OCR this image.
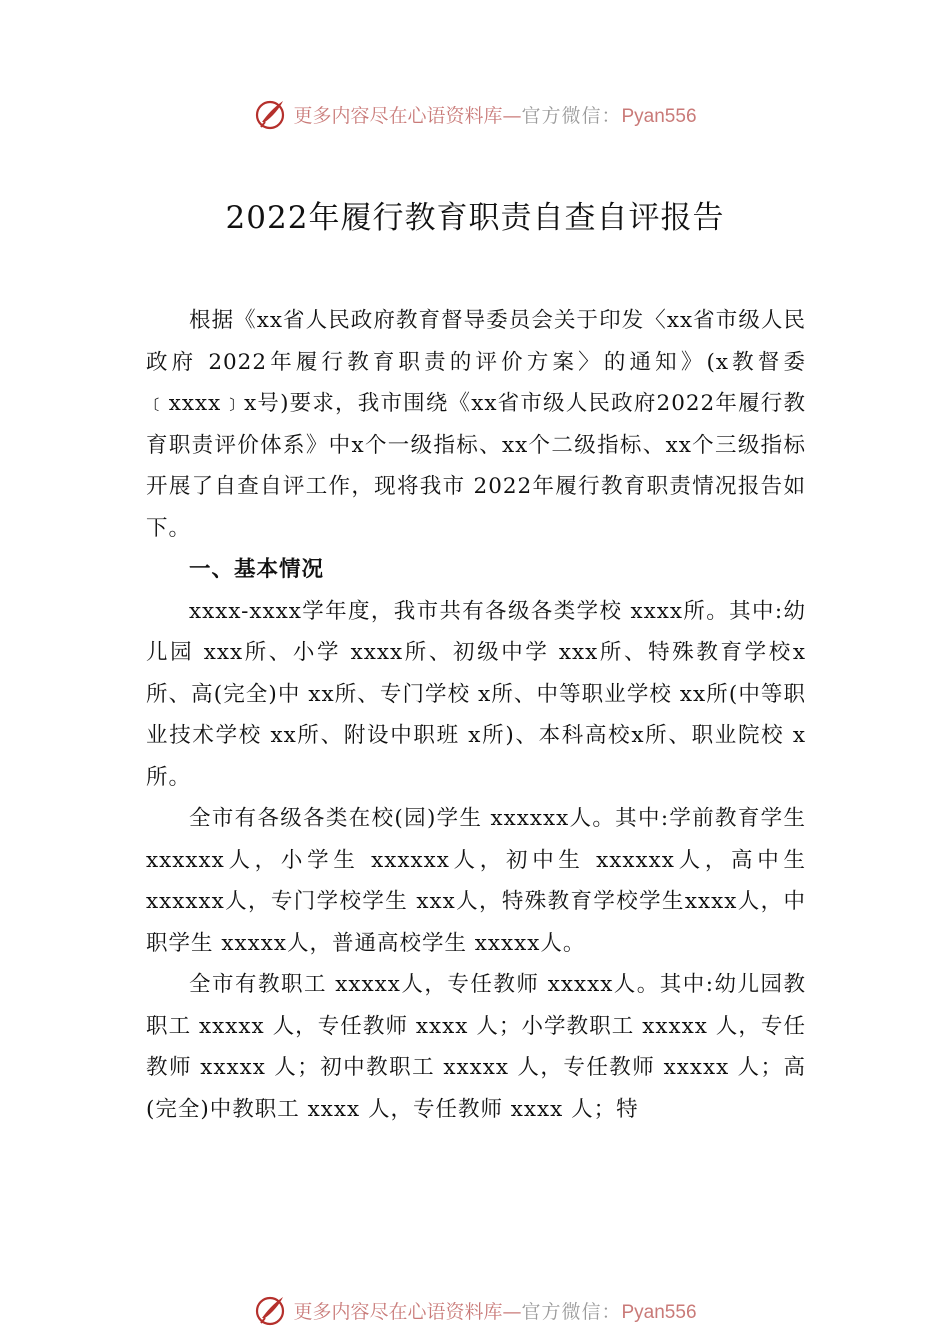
更多内容尽在心语资料库—官方微信：Pyan556
2022年履行教育职责自查自评报告

根据《xx省人民政府教育督导委员会关于印发〈xx省市级人民政府 2022年履行教育职责的评价方案〉的通知》(x教督委﹝xxxx﹞x号)要求，我市围绕《xx省市级人民政府2022年履行教育职责评价体系》中x个一级指标、xx个二级指标、xx个三级指标开展了自查自评工作，现将我市 2022年履行教育职责情况报告如下。

一、基本情况

xxxx-xxxx学年度，我市共有各级各类学校 xxxx所。其中:幼儿园 xxx所、小学 xxxx所、初级中学 xxx所、特殊教育学校x所、高(完全)中 xx所、专门学校 x所、中等职业学校 xx所(中等职业技术学校 xx所、附设中职班 x所)、本科高校x所、职业院校 x所。

全市有各级各类在校(园)学生 xxxxxx人。其中:学前教育学生xxxxxx人，小学生 xxxxxx人，初中生 xxxxxx人，高中生 xxxxxx人，专门学校学生 xxx人，特殊教育学校学生xxxx人，中职学生 xxxxx人，普通高校学生 xxxxx人。

全市有教职工 xxxxx人，专任教师 xxxxx人。其中:幼儿园教职工 xxxxx 人，专任教师 xxxx 人；小学教职工 xxxxx 人，专任教师 xxxxx 人；初中教职工 xxxxx 人，专任教师 xxxxx 人；高(完全)中教职工 xxxx 人，专任教师 xxxx 人；特

更多内容尽在心语资料库—官方微信：Pyan556
